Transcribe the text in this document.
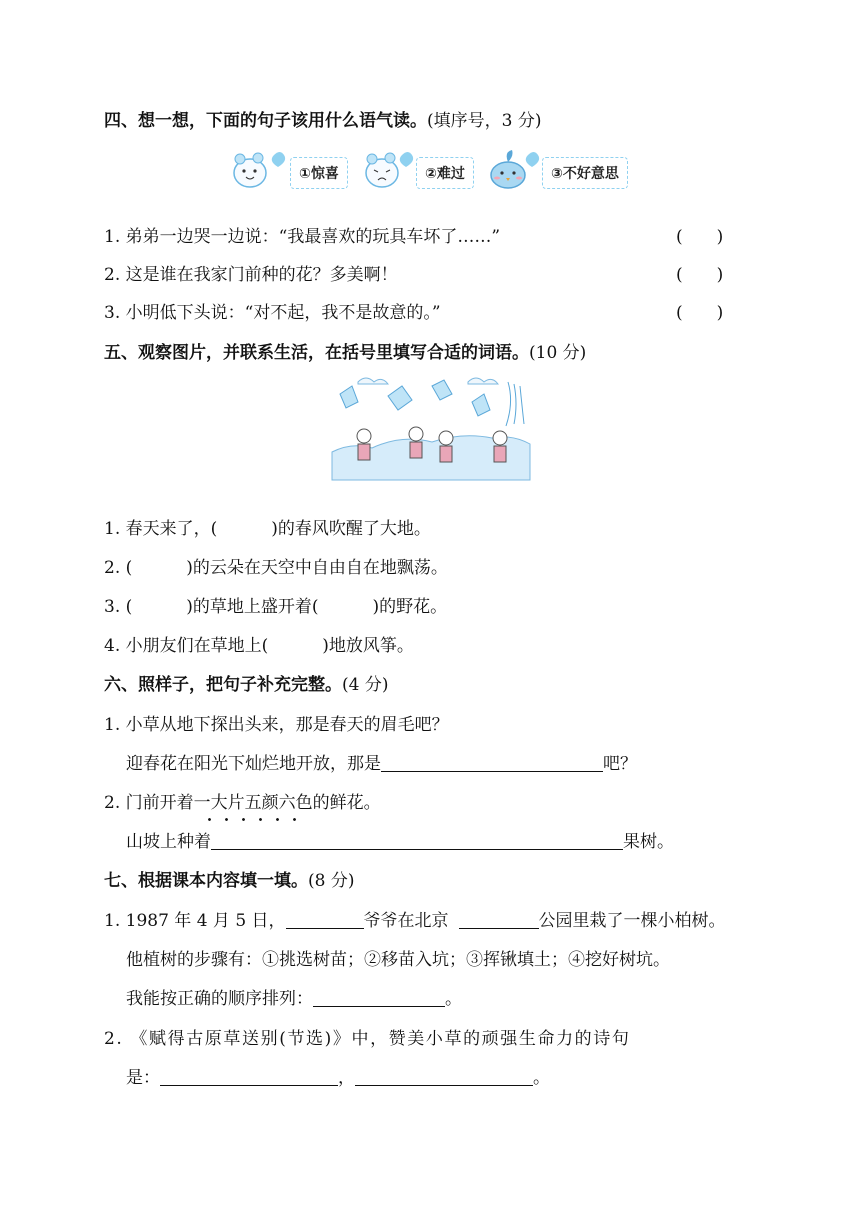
四、想一想，下面的句子该用什么语气读。(填序号，3 分)
①惊喜	②难过	③不好意思
1. 弟弟一边哭一边说：“我最喜欢的玩具车坏了……”	(　　)
2. 这是谁在我家门前种的花？多美啊！	(　　)
3. 小明低下头说：“对不起，我不是故意的。”	(　　)
五、观察图片，并联系生活，在括号里填写合适的词语。(10 分)
1. 春天来了，(	)的春风吹醒了大地。
2. (	)的云朵在天空中自由自在地飘荡。
3. (	)的草地上盛开着(	)的野花。
4. 小朋友们在草地上(	)地放风筝。
六、照样子，把句子补充完整。(4 分)
1. 小草从地下探出头来，那是春天的眉毛吧？
迎春花在阳光下灿烂地开放，那是	吧？
2. 门前开着一大片五颜六色的鲜花。
山坡上种着	果树。
七、根据课本内容填一填。(8 分)
1. 1987 年 4 月 5 日，	爷爷在北京	公园里栽了一棵小柏树。
他植树的步骤有：①挑选树苗；②移苗入坑；③挥锹填土；④挖好树坑。
我能按正确的顺序排列：	。
2. 《赋得古原草送别(节选)》中，赞美小草的顽强生命力的诗句
是：	，	。
